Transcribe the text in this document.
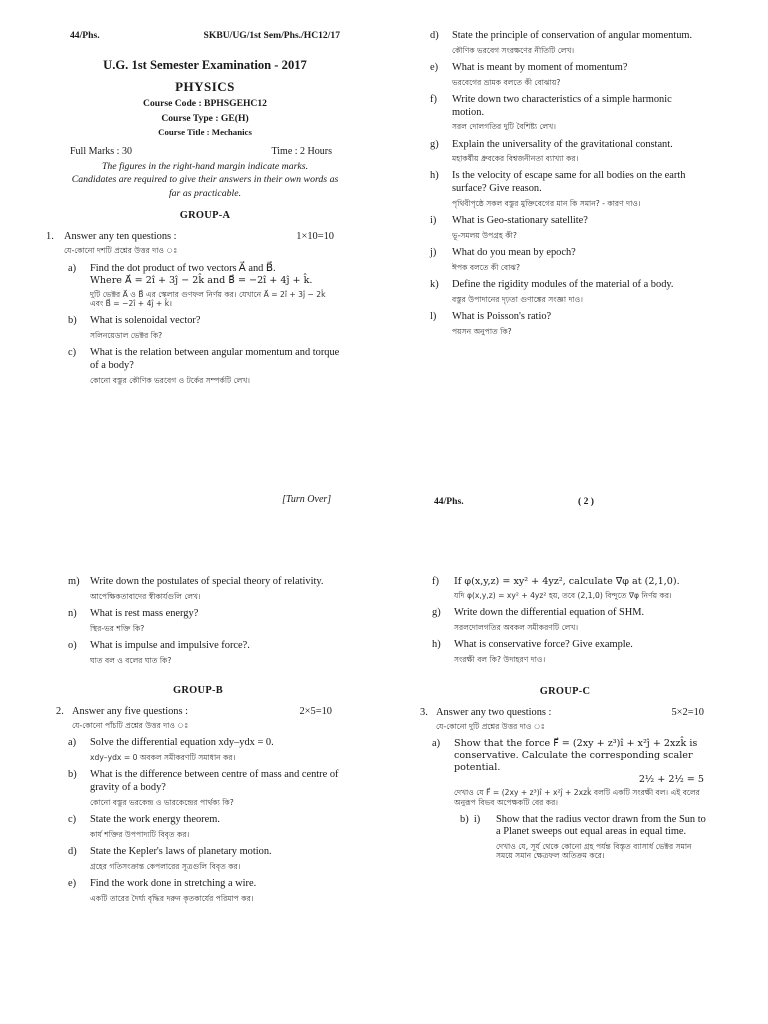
44/Phs.	SKBU/UG/1st Sem/Phs./HC12/17
U.G. 1st Semester Examination - 2017
PHYSICS
Course Code : BPHSGEHC12
Course Type : GE(H)
Course Title : Mechanics
Full Marks : 30	Time : 2 Hours
The figures in the right-hand margin indicate marks.
Candidates are required to give their answers in their own words as far as practicable.
GROUP-A
1. Answer any ten questions :	1×10=10
যে-কোনো দশটি প্রশ্নের উত্তর দাও ঃ
a) Find the dot product of two vectors A⃗ and B⃗.
Where A⃗ = 2î + 3ĵ − 2k̂ and B⃗ = −2î + 4ĵ + k̂.
দুটি ভেক্টর A⃗ ও B⃗ এর স্কেলার গুণফল নির্ণয় কর। যেখানে A⃗ = 2î + 3ĵ − 2k̂ এবং B⃗ = −2î + 4ĵ + k̂।
b) What is solenoidal vector?
সলিনয়েডাল ভেক্টর কি?
c) What is the relation between angular momentum and torque of a body?
কোনো বস্তুর কৌণিক ভরবেগ ও টর্কের সম্পর্কটি লেখ।
[Turn Over]
d) State the principle of conservation of angular momentum.
কৌণিক ভরবেগ সংরক্ষণের নীতিটি লেখ।
e) What is meant by moment of momentum?
ভরবেগের ভ্রামক বলতে কী বোঝায়?
f) Write down two characteristics of a simple harmonic motion.
সরল দোলগতির দুটি বৈশিষ্ট্য লেখ।
g) Explain the universality of the gravitational constant.
মহাকর্ষীয় ধ্রুবকের বিশ্বজনীনতা ব্যাখ্যা কর।
h) Is the velocity of escape same for all bodies on the earth surface? Give reason.
পৃথিবীপৃষ্ঠে সকল বস্তুর মুক্তিবেগের মান কি সমান? - কারণ দাও।
i) What is Geo-stationary satellite?
ভূ-সমলয় উপগ্রহ কী?
j) What do you mean by epoch?
ঈপক বলতে কী বোঝ?
k) Define the rigidity modules of the material of a body.
বস্তুর উপাদানের দৃঢ়তা গুণাঙ্কের সংজ্ঞা দাও।
l) What is Poisson's ratio?
পয়সন অনুপাত কি?
44/Phs.	( 2 )
m) Write down the postulates of special theory of relativity.
আপেক্ষিকতাবাদের স্বীকার্যগুলি লেখ।
n) What is rest mass energy?
স্থির-ভর শক্তি কি?
o) What is impulse and impulsive force?.
ঘাত বল ও বলের ঘাত কি?
GROUP-B
2. Answer any five questions :	2×5=10
যে-কোনো পাঁচটি প্রশ্নের উত্তর দাও ঃ
a) Solve the differential equation xdy–ydx = 0.
xdy–ydx = 0 অবকল সমীকরণটি সমাধান কর।
b) What is the difference between centre of mass and centre of gravity of a body?
কোনো বস্তুর ভরকেন্দ্র ও ভারকেন্দ্রের পার্থক্য কি?
c) State the work energy theorem.
কার্য শক্তির উপপাদ্যটি বিবৃত কর।
d) State the Kepler's laws of planetary motion.
গ্রহের গতিসংক্রান্ত কেপলারের সূত্রগুলি বিবৃত কর।
e) Find the work done in stretching a wire.
একটি তারের দৈর্ঘ্য বৃদ্ধির দরুন কৃতকার্যের পরিমাপ কর।
f) If φ(x,y,z) = xy² + 4yz², calculate ∇⃗φ at (2,1,0).
যদি φ(x,y,z) = xy² + 4yz² হয়, তবে (2,1,0) বিন্দুতে ∇⃗φ নির্ণয় কর।
g) Write down the differential equation of SHM.
সরলদোলগতির অবকল সমীকরণটি লেখ।
h) What is conservative force? Give example.
সংরক্ষী বল কি? উদাহরণ দাও।
GROUP-C
3. Answer any two questions :	5×2=10
যে-কোনো দুটি প্রশ্নের উত্তর দাও ঃ
a) Show that the force F⃗ = (2xy + z³)î + x²ĵ + 2xzk̂ is conservative. Calculate the corresponding scaler potential.
2½ + 2½ = 5
দেখাও যে F⃗ = (2xy + z³)î + x²ĵ + 2xzk̂ বলটি একটি সংরক্ষী বল। এই বলের অনুরূপ বিভব অপেক্ষকটি বের কর।
b) i) Show that the radius vector drawn from the Sun to a Planet sweeps out equal areas in equal time.
দেখাও যে, সূর্য থেকে কোনো গ্রহ পর্যন্ত বিস্তৃত ব্যাসার্ধ ভেক্টর সমান সময়ে সমান ক্ষেত্রফল অতিক্রম করে।
